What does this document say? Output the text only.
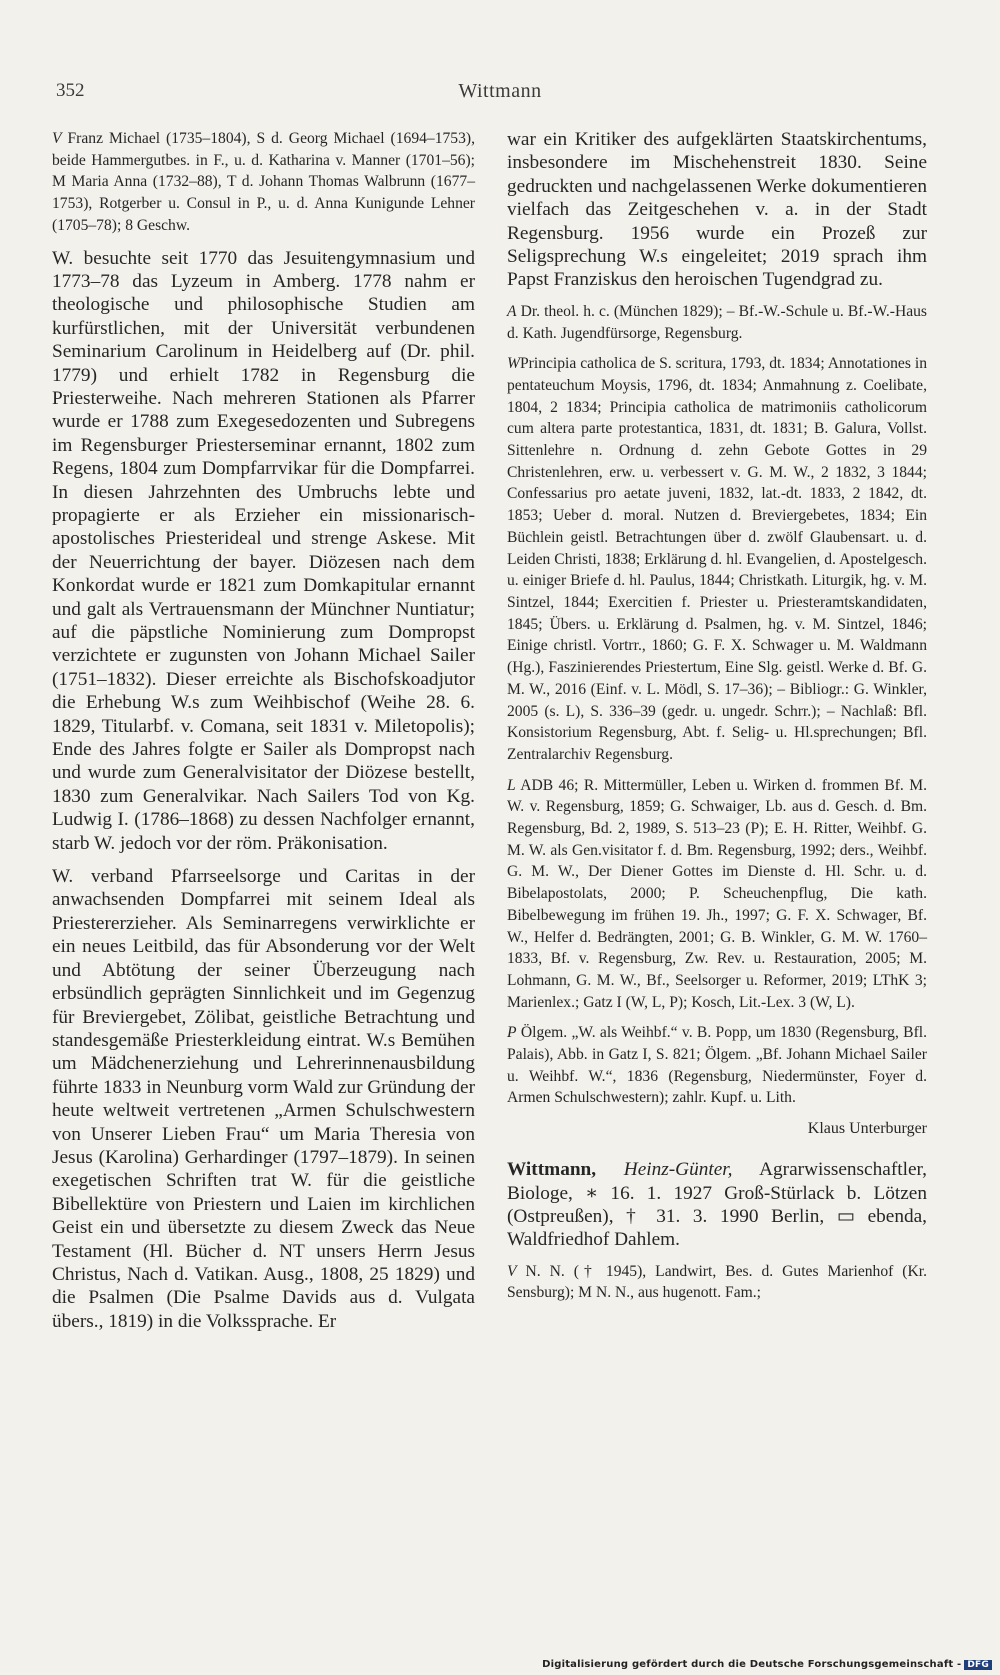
352	Wittmann

V Franz Michael (1735–1804), S d. Georg Michael (1694–1753), beide Hammergutbes. in F., u. d. Katharina v. Manner (1701–56); M Maria Anna (1732–88), T d. Johann Thomas Walbrunn (1677–1753), Rotgerber u. Consul in P., u. d. Anna Kunigunde Lehner (1705–78); 8 Geschw.

W. besuchte seit 1770 das Jesuitengymnasium und 1773–78 das Lyzeum in Amberg. 1778 nahm er theologische und philosophische Studien am kurfürstlichen, mit der Universität verbundenen Seminarium Carolinum in Heidelberg auf (Dr. phil. 1779) und erhielt 1782 in Regensburg die Priesterweihe. Nach mehreren Stationen als Pfarrer wurde er 1788 zum Exegesedozenten und Subregens im Regensburger Priesterseminar ernannt, 1802 zum Regens, 1804 zum Dompfarrvikar für die Dompfarrei. In diesen Jahrzehnten des Umbruchs lebte und propagierte er als Erzieher ein missionarisch-apostolisches Priesterideal und strenge Askese. Mit der Neuerrichtung der bayer. Diözesen nach dem Konkordat wurde er 1821 zum Domkapitular ernannt und galt als Vertrauensmann der Münchner Nuntiatur; auf die päpstliche Nominierung zum Dompropst verzichtete er zugunsten von Johann Michael Sailer (1751–1832). Dieser erreichte als Bischofskoadjutor die Erhebung W.s zum Weihbischof (Weihe 28. 6. 1829, Titularbf. v. Comana, seit 1831 v. Miletopolis); Ende des Jahres folgte er Sailer als Dompropst nach und wurde zum Generalvisitator der Diözese bestellt, 1830 zum Generalvikar. Nach Sailers Tod von Kg. Ludwig I. (1786–1868) zu dessen Nachfolger ernannt, starb W. jedoch vor der röm. Präkonisation.

W. verband Pfarrseelsorge und Caritas in der anwachsenden Dompfarrei mit seinem Ideal als Priestererzieher. Als Seminarregens verwirklichte er ein neues Leitbild, das für Absonderung vor der Welt und Abtötung der seiner Überzeugung nach erbsündlich geprägten Sinnlichkeit und im Gegenzug für Breviergebet, Zölibat, geistliche Betrachtung und standesgemäße Priesterkleidung eintrat. W.s Bemühen um Mädchenerziehung und Lehrerinnenausbildung führte 1833 in Neunburg vorm Wald zur Gründung der heute weltweit vertretenen „Armen Schulschwestern von Unserer Lieben Frau“ um Maria Theresia von Jesus (Karolina) Gerhardinger (1797–1879). In seinen exegetischen Schriften trat W. für die geistliche Bibellektüre von Priestern und Laien im kirchlichen Geist ein und übersetzte zu diesem Zweck das Neue Testament (Hl. Bücher d. NT unsers Herrn Jesus Christus, Nach d. Vatikan. Ausg., 1808, 25 1829) und die Psalmen (Die Psalme Davids aus d. Vulgata übers., 1819) in die Volkssprache. Er

war ein Kritiker des aufgeklärten Staatskirchentums, insbesondere im Mischehenstreit 1830. Seine gedruckten und nachgelassenen Werke dokumentieren vielfach das Zeitgeschehen v. a. in der Stadt Regensburg. 1956 wurde ein Prozeß zur Seligsprechung W.s eingeleitet; 2019 sprach ihm Papst Franziskus den heroischen Tugendgrad zu.

A Dr. theol. h. c. (München 1829); – Bf.-W.-Schule u. Bf.-W.-Haus d. Kath. Jugendfürsorge, Regensburg.

WPrincipia catholica de S. scritura, 1793, dt. 1834; Annotationes in pentateuchum Moysis, 1796, dt. 1834; Anmahnung z. Coelibate, 1804, 2 1834; Principia catholica de matrimoniis catholicorum cum altera parte protestantica, 1831, dt. 1831; B. Galura, Vollst. Sittenlehre n. Ordnung d. zehn Gebote Gottes in 29 Christenlehren, erw. u. verbessert v. G. M. W., 2 1832, 3 1844; Confessarius pro aetate juveni, 1832, lat.-dt. 1833, 2 1842, dt. 1853; Ueber d. moral. Nutzen d. Breviergebetes, 1834; Ein Büchlein geistl. Betrachtungen über d. zwölf Glaubensart. u. d. Leiden Christi, 1838; Erklärung d. hl. Evangelien, d. Apostelgesch. u. einiger Briefe d. hl. Paulus, 1844; Christkath. Liturgik, hg. v. M. Sintzel, 1844; Exercitien f. Priester u. Priesteramtskandidaten, 1845; Übers. u. Erklärung d. Psalmen, hg. v. M. Sintzel, 1846; Einige christl. Vortrr., 1860; G. F. X. Schwager u. M. Waldmann (Hg.), Faszinierendes Priestertum, Eine Slg. geistl. Werke d. Bf. G. M. W., 2016 (Einf. v. L. Mödl, S. 17–36); – Bibliogr.: G. Winkler, 2005 (s. L), S. 336–39 (gedr. u. ungedr. Schrr.); – Nachlaß: Bfl. Konsistorium Regensburg, Abt. f. Selig- u. Hl.sprechungen; Bfl. Zentralarchiv Regensburg.

L ADB 46; R. Mittermüller, Leben u. Wirken d. frommen Bf. M. W. v. Regensburg, 1859; G. Schwaiger, Lb. aus d. Gesch. d. Bm. Regensburg, Bd. 2, 1989, S. 513–23 (P); E. H. Ritter, Weihbf. G. M. W. als Gen.visitator f. d. Bm. Regensburg, 1992; ders., Weihbf. G. M. W., Der Diener Gottes im Dienste d. Hl. Schr. u. d. Bibelapostolats, 2000; P. Scheuchenpflug, Die kath. Bibelbewegung im frühen 19. Jh., 1997; G. F. X. Schwager, Bf. W., Helfer d. Bedrängten, 2001; G. B. Winkler, G. M. W. 1760–1833, Bf. v. Regensburg, Zw. Rev. u. Restauration, 2005; M. Lohmann, G. M. W., Bf., Seelsorger u. Reformer, 2019; LThK 3; Marienlex.; Gatz I (W, L, P); Kosch, Lit.-Lex. 3 (W, L).

P Ölgem. „W. als Weihbf.“ v. B. Popp, um 1830 (Regensburg, Bfl. Palais), Abb. in Gatz I, S. 821; Ölgem. „Bf. Johann Michael Sailer u. Weihbf. W.“, 1836 (Regensburg, Niedermünster, Foyer d. Armen Schulschwestern); zahlr. Kupf. u. Lith.

Klaus Unterburger

Wittmann, Heinz-Günter, Agrarwissenschaftler, Biologe, ∗ 16. 1. 1927 Groß-Stürlack b. Lötzen (Ostpreußen), † 31. 3. 1990 Berlin, ▭ ebenda, Waldfriedhof Dahlem.

V N. N. († 1945), Landwirt, Bes. d. Gutes Marienhof (Kr. Sensburg); M N. N., aus hugenott. Fam.;

Digitalisierung gefördert durch die Deutsche Forschungsgemeinschaft - DFG
